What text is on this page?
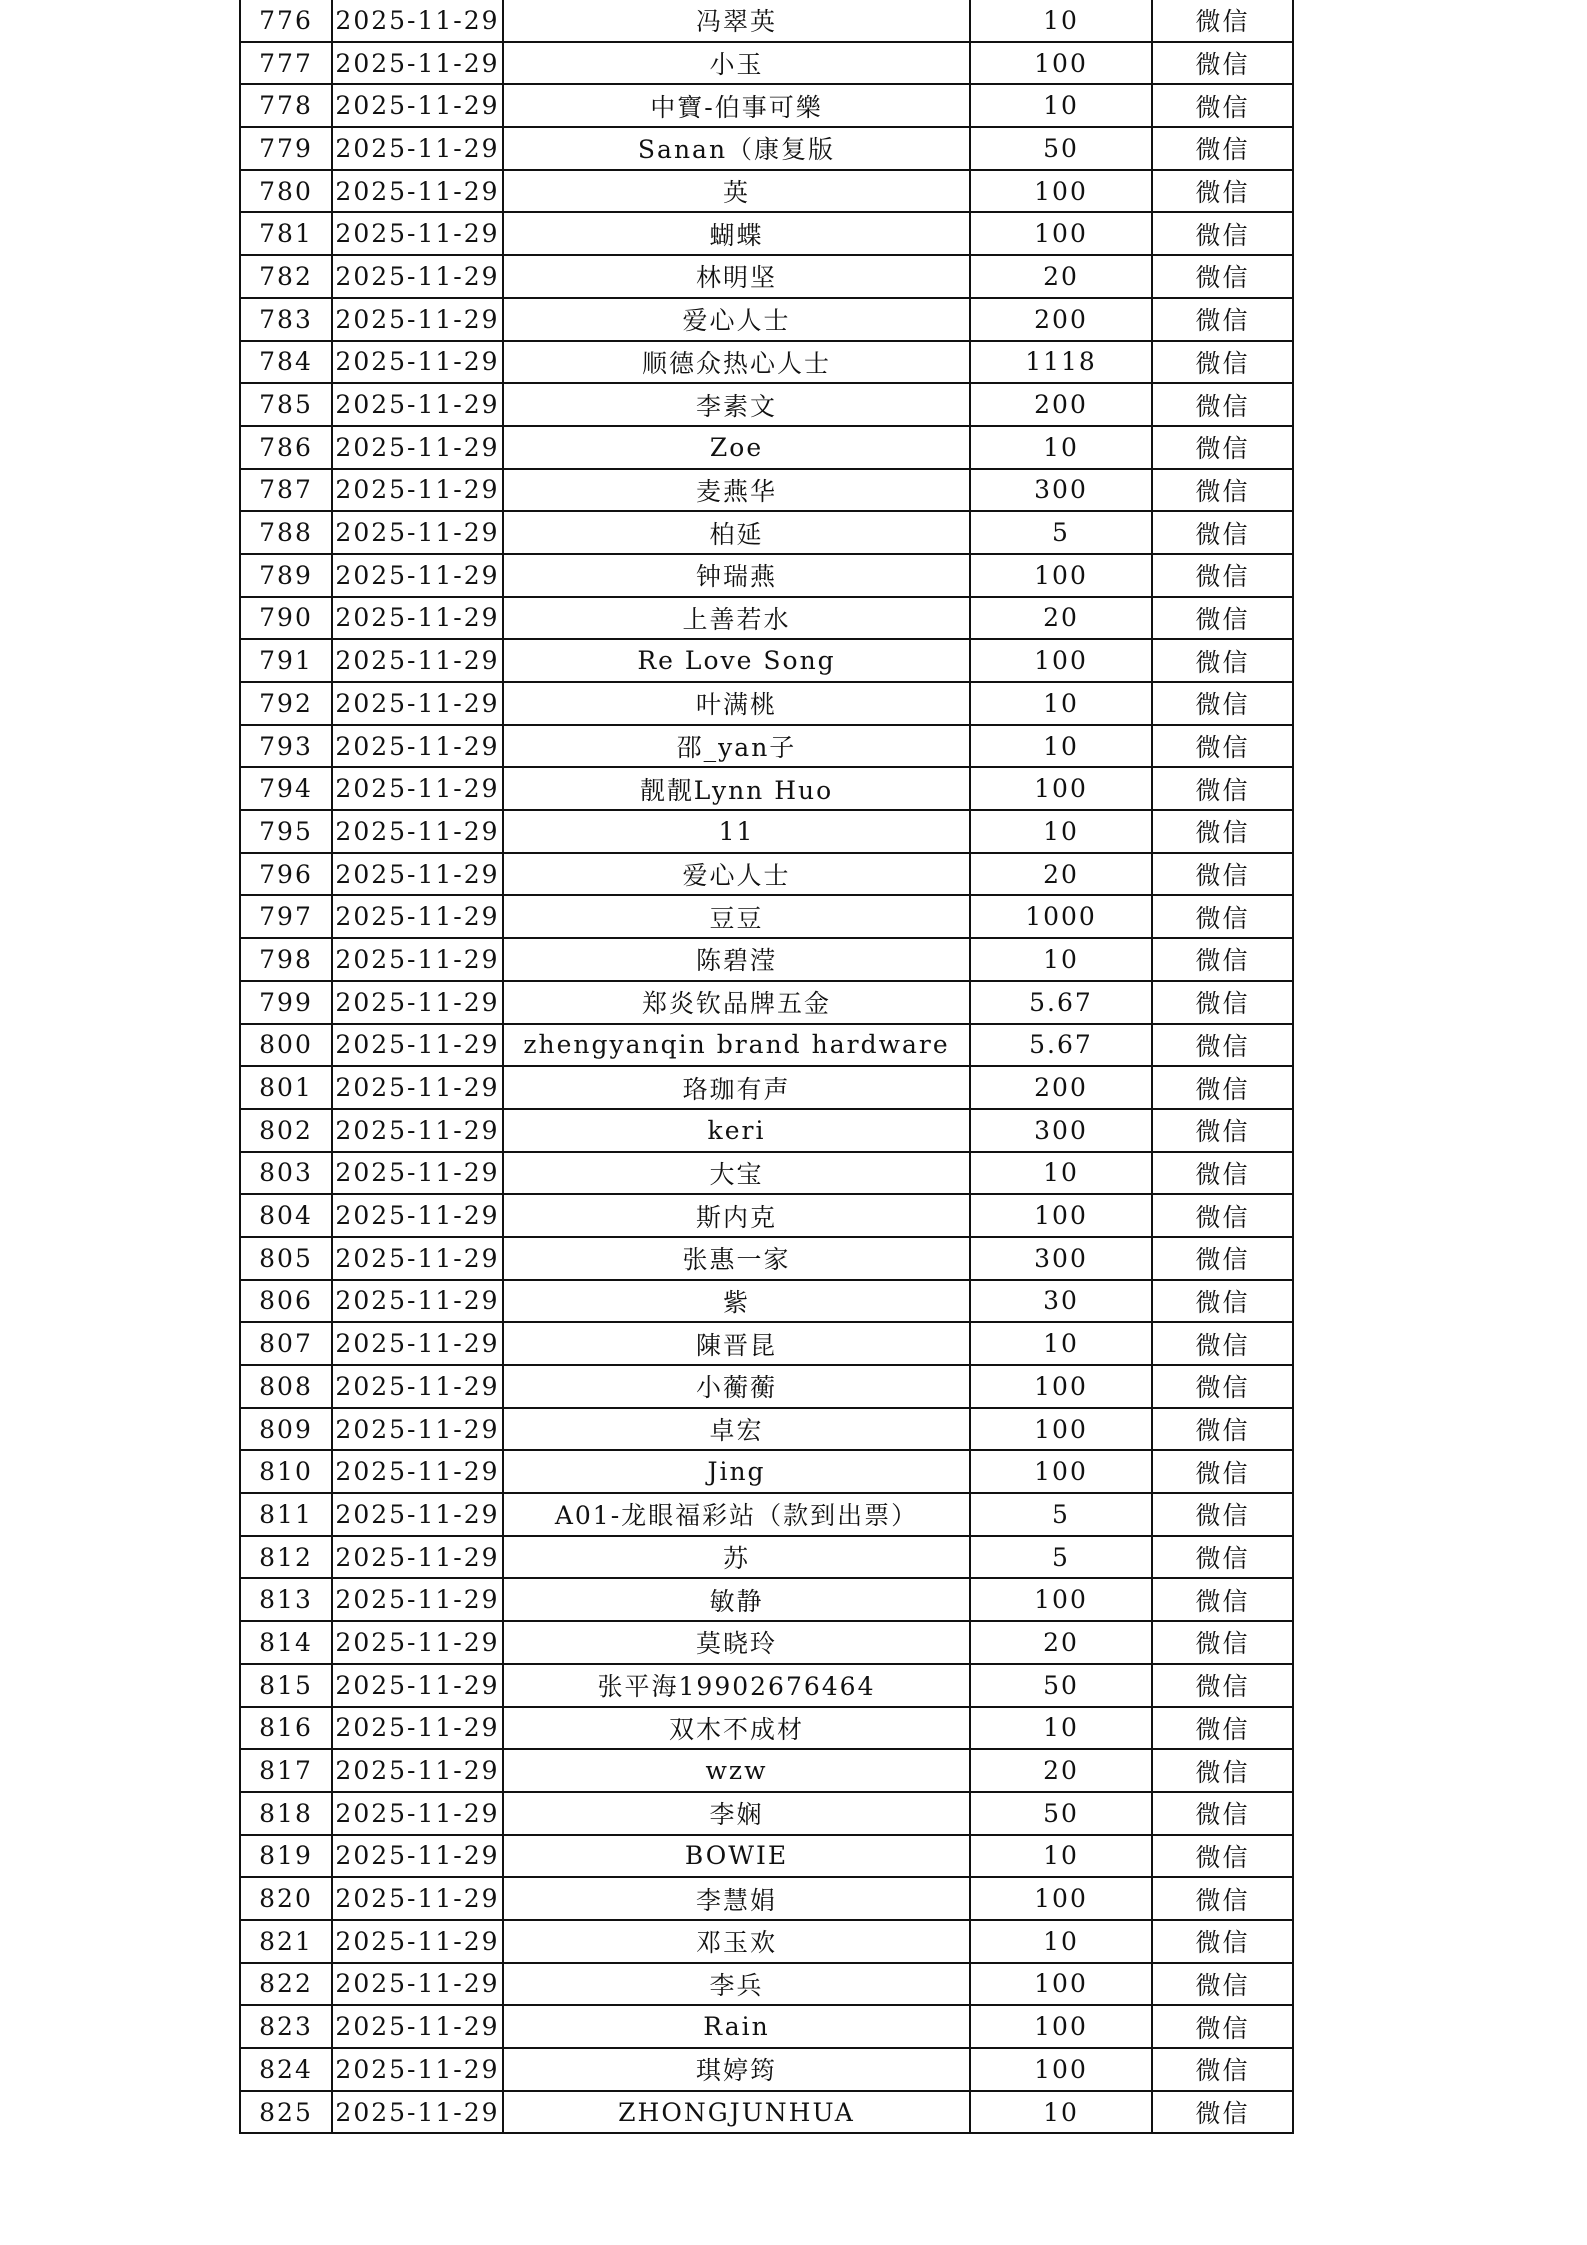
776	2025-11-29	冯翠英	10	微信
777	2025-11-29	小玉	100	微信
778	2025-11-29	中寶-伯事可樂	10	微信
779	2025-11-29	Sanan（康复版	50	微信
780	2025-11-29	英	100	微信
781	2025-11-29	蝴蝶	100	微信
782	2025-11-29	林明坚	20	微信
783	2025-11-29	爱心人士	200	微信
784	2025-11-29	顺德众热心人士	1118	微信
785	2025-11-29	李素文	200	微信
786	2025-11-29	Zoe	10	微信
787	2025-11-29	麦燕华	300	微信
788	2025-11-29	柏延	5	微信
789	2025-11-29	钟瑞燕	100	微信
790	2025-11-29	上善若水	20	微信
791	2025-11-29	Re Love Song	100	微信
792	2025-11-29	叶满桃	10	微信
793	2025-11-29	邵_yan子	10	微信
794	2025-11-29	靓靓Lynn Huo	100	微信
795	2025-11-29	11	10	微信
796	2025-11-29	爱心人士	20	微信
797	2025-11-29	豆豆	1000	微信
798	2025-11-29	陈碧滢	10	微信
799	2025-11-29	郑炎钦品牌五金	5.67	微信
800	2025-11-29	zhengyanqin brand hardware	5.67	微信
801	2025-11-29	珞珈有声	200	微信
802	2025-11-29	keri	300	微信
803	2025-11-29	大宝	10	微信
804	2025-11-29	斯内克	100	微信
805	2025-11-29	张惠一家	300	微信
806	2025-11-29	紫	30	微信
807	2025-11-29	陳晋昆	10	微信
808	2025-11-29	小蘅蘅	100	微信
809	2025-11-29	卓宏	100	微信
810	2025-11-29	Jing	100	微信
811	2025-11-29	A01-龙眼福彩站（款到出票）	5	微信
812	2025-11-29	苏	5	微信
813	2025-11-29	敏静	100	微信
814	2025-11-29	莫晓玲	20	微信
815	2025-11-29	张平海19902676464	50	微信
816	2025-11-29	双木不成材	10	微信
817	2025-11-29	wzw	20	微信
818	2025-11-29	李娴	50	微信
819	2025-11-29	BOWIE	10	微信
820	2025-11-29	李慧娟	100	微信
821	2025-11-29	邓玉欢	10	微信
822	2025-11-29	李兵	100	微信
823	2025-11-29	Rain	100	微信
824	2025-11-29	琪婷筠	100	微信
825	2025-11-29	ZHONGJUNHUA	10	微信
